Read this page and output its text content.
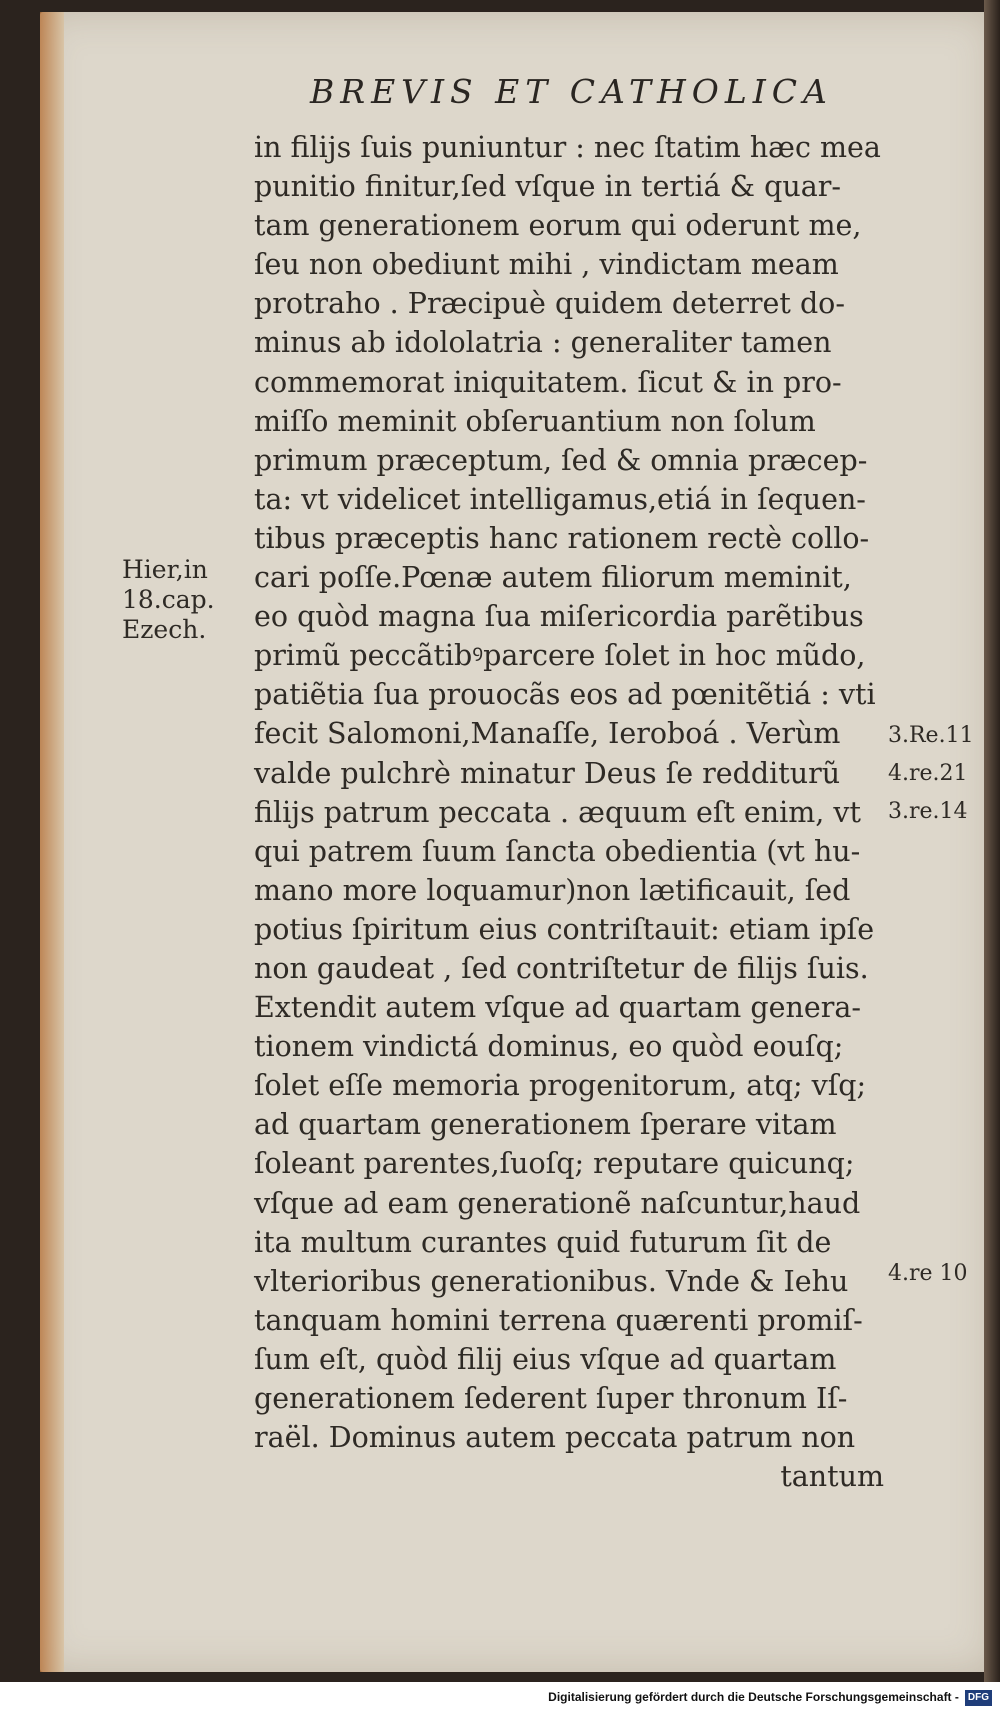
BREVIS ET CATHOLICA
in filijs ſuis puniuntur : nec ſtatim hæc mea
punitio finitur,ſed vſque in tertiá & quar-
tam generationem eorum qui oderunt me,
ſeu non obediunt mihi , vindictam meam
protraho . Præcipuè quidem deterret do-
minus ab idololatria : generaliter tamen
commemorat iniquitatem. ſicut & in pro-
miſſo meminit obſeruantium non ſolum
primum præceptum, ſed & omnia præcep-
ta: vt videlicet intelligamus,etiá in ſequen-
tibus præceptis hanc rationem rectè collo-
cari poſſe.Pœnæ autem filiorum meminit,
eo quòd magna ſua miſericordia parẽtibus
primũ peccãtibꝰparcere ſolet in hoc mũdo,
patiẽtia ſua prouocãs eos ad pœnitẽtiá : vti
fecit Salomoni,Manaſſe, Ieroboá . Verùm
valde pulchrè minatur Deus ſe redditurũ
filijs patrum peccata . æquum eſt enim, vt
qui patrem ſuum ſancta obedientia (vt hu-
mano more loquamur)non lætificauit, ſed
potius ſpiritum eius contriſtauit: etiam ipſe
non gaudeat , ſed contriſtetur de filijs ſuis.
Extendit autem vſque ad quartam genera-
tionem vindictá dominus, eo quòd eouſq;
ſolet eſſe memoria progenitorum, atq; vſq;
ad quartam generationem ſperare vitam
ſoleant parentes,ſuoſq; reputare quicunq;
vſque ad eam generationẽ naſcuntur,haud
ita multum curantes quid futurum ſit de
vlterioribus generationibus. Vnde & Iehu
tanquam homini terrena quærenti promiſ-
ſum eſt, quòd filij eius vſque ad quartam
generationem ſederent ſuper thronum Iſ-
raël. Dominus autem peccata patrum non
tantum
Hier,in
18.cap.
Ezech.
3.Re.11
4.re.21
3.re.14
4.re 10
Digitalisierung gefördert durch die Deutsche Forschungsgemeinschaft - DFG
